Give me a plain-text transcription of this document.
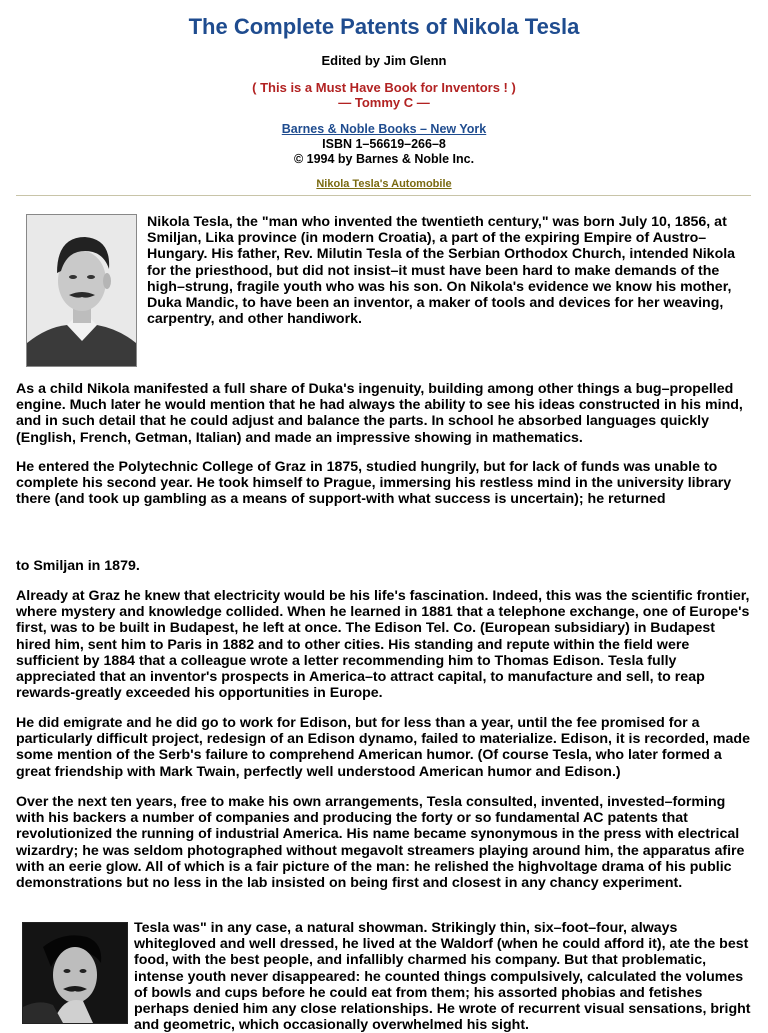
The Complete Patents of Nikola Tesla
Edited by Jim Glenn
( This is a Must Have Book for Inventors ! )
— Tommy C —
Barnes & Noble Books – New York
ISBN 1–56619–266–8
© 1994 by Barnes & Noble Inc.
Nikola Tesla's Automobile

Nikola Tesla, the "man who invented the twentieth century," was born July 10, 1856, at Smiljan, Lika province (in modern Croatia), a part of the expiring Empire of Austro–Hungary. His father, Rev. Milutin Tesla of the Serbian Orthodox Church, intended Nikola for the priesthood, but did not insist–it must have been hard to make demands of the high–strung, fragile youth who was his son. On Nikola's evidence we know his mother, Duka Mandic, to have been an inventor, a maker of tools and devices for her weaving, carpentry, and other handiwork.

As a child Nikola manifested a full share of Duka's ingenuity, building among other things a bug–propelled engine. Much later he would mention that he had always the ability to see his ideas constructed in his mind, and in such detail that he could adjust and balance the parts. In school he absorbed languages quickly (English, French, Getman, Italian) and made an impressive showing in mathematics.

He entered the Polytechnic College of Graz in 1875, studied hungrily, but for lack of funds was unable to complete his second year. He took himself to Prague, immersing his restless mind in the university library there (and took up gambling as a means of support-with what success is uncertain); he returned

to Smiljan in 1879.

Already at Graz he knew that electricity would be his life's fascination. Indeed, this was the scientific frontier, where mystery and knowledge collided. When he learned in 1881 that a telephone exchange, one of Europe's first, was to be built in Budapest, he left at once. The Edison Tel. Co. (European subsidiary) in Budapest hired him, sent him to Paris in 1882 and to other cities. His standing and repute within the field were sufficient by 1884 that a colleague wrote a letter recommending him to Thomas Edison. Tesla fully appreciated that an inventor's prospects in America–to attract capital, to manufacture and sell, to reap rewards-greatly exceeded his opportunities in Europe.

He did emigrate and he did go to work for Edison, but for less than a year, until the fee promised for a particularly difficult project, redesign of an Edison dynamo, failed to materialize. Edison, it is recorded, made some mention of the Serb's failure to comprehend American humor. (Of course Tesla, who later formed a great friendship with Mark Twain, perfectly well understood American humor and Edison.)

Over the next ten years, free to make his own arrangements, Tesla consulted, invented, invested–forming with his backers a number of companies and producing the forty or so fundamental AC patents that revolutionized the running of industrial America. His name became synonymous in the press with electrical wizardry; he was seldom photographed without megavolt streamers playing around him, the apparatus afire with an eerie glow. All of which is a fair picture of the man: he relished the highvoltage drama of his public demonstrations but no less in the lab insisted on being first and closest in any chancy experiment.

Tesla was" in any case, a natural showman. Strikingly thin, six–foot–four, always whitegloved and well dressed, he lived at the Waldorf (when he could afford it), ate the best food, with the best people, and infallibly charmed his company. But that problematic, intense youth never disappeared: he counted things compulsively, calculated the volumes of bowls and cups before he could eat from them; his assorted phobias and fetishes perhaps denied him any close relationships. He wrote of recurrent visual sensations, bright and geometric, which occasionally overwhelmed his sight.
